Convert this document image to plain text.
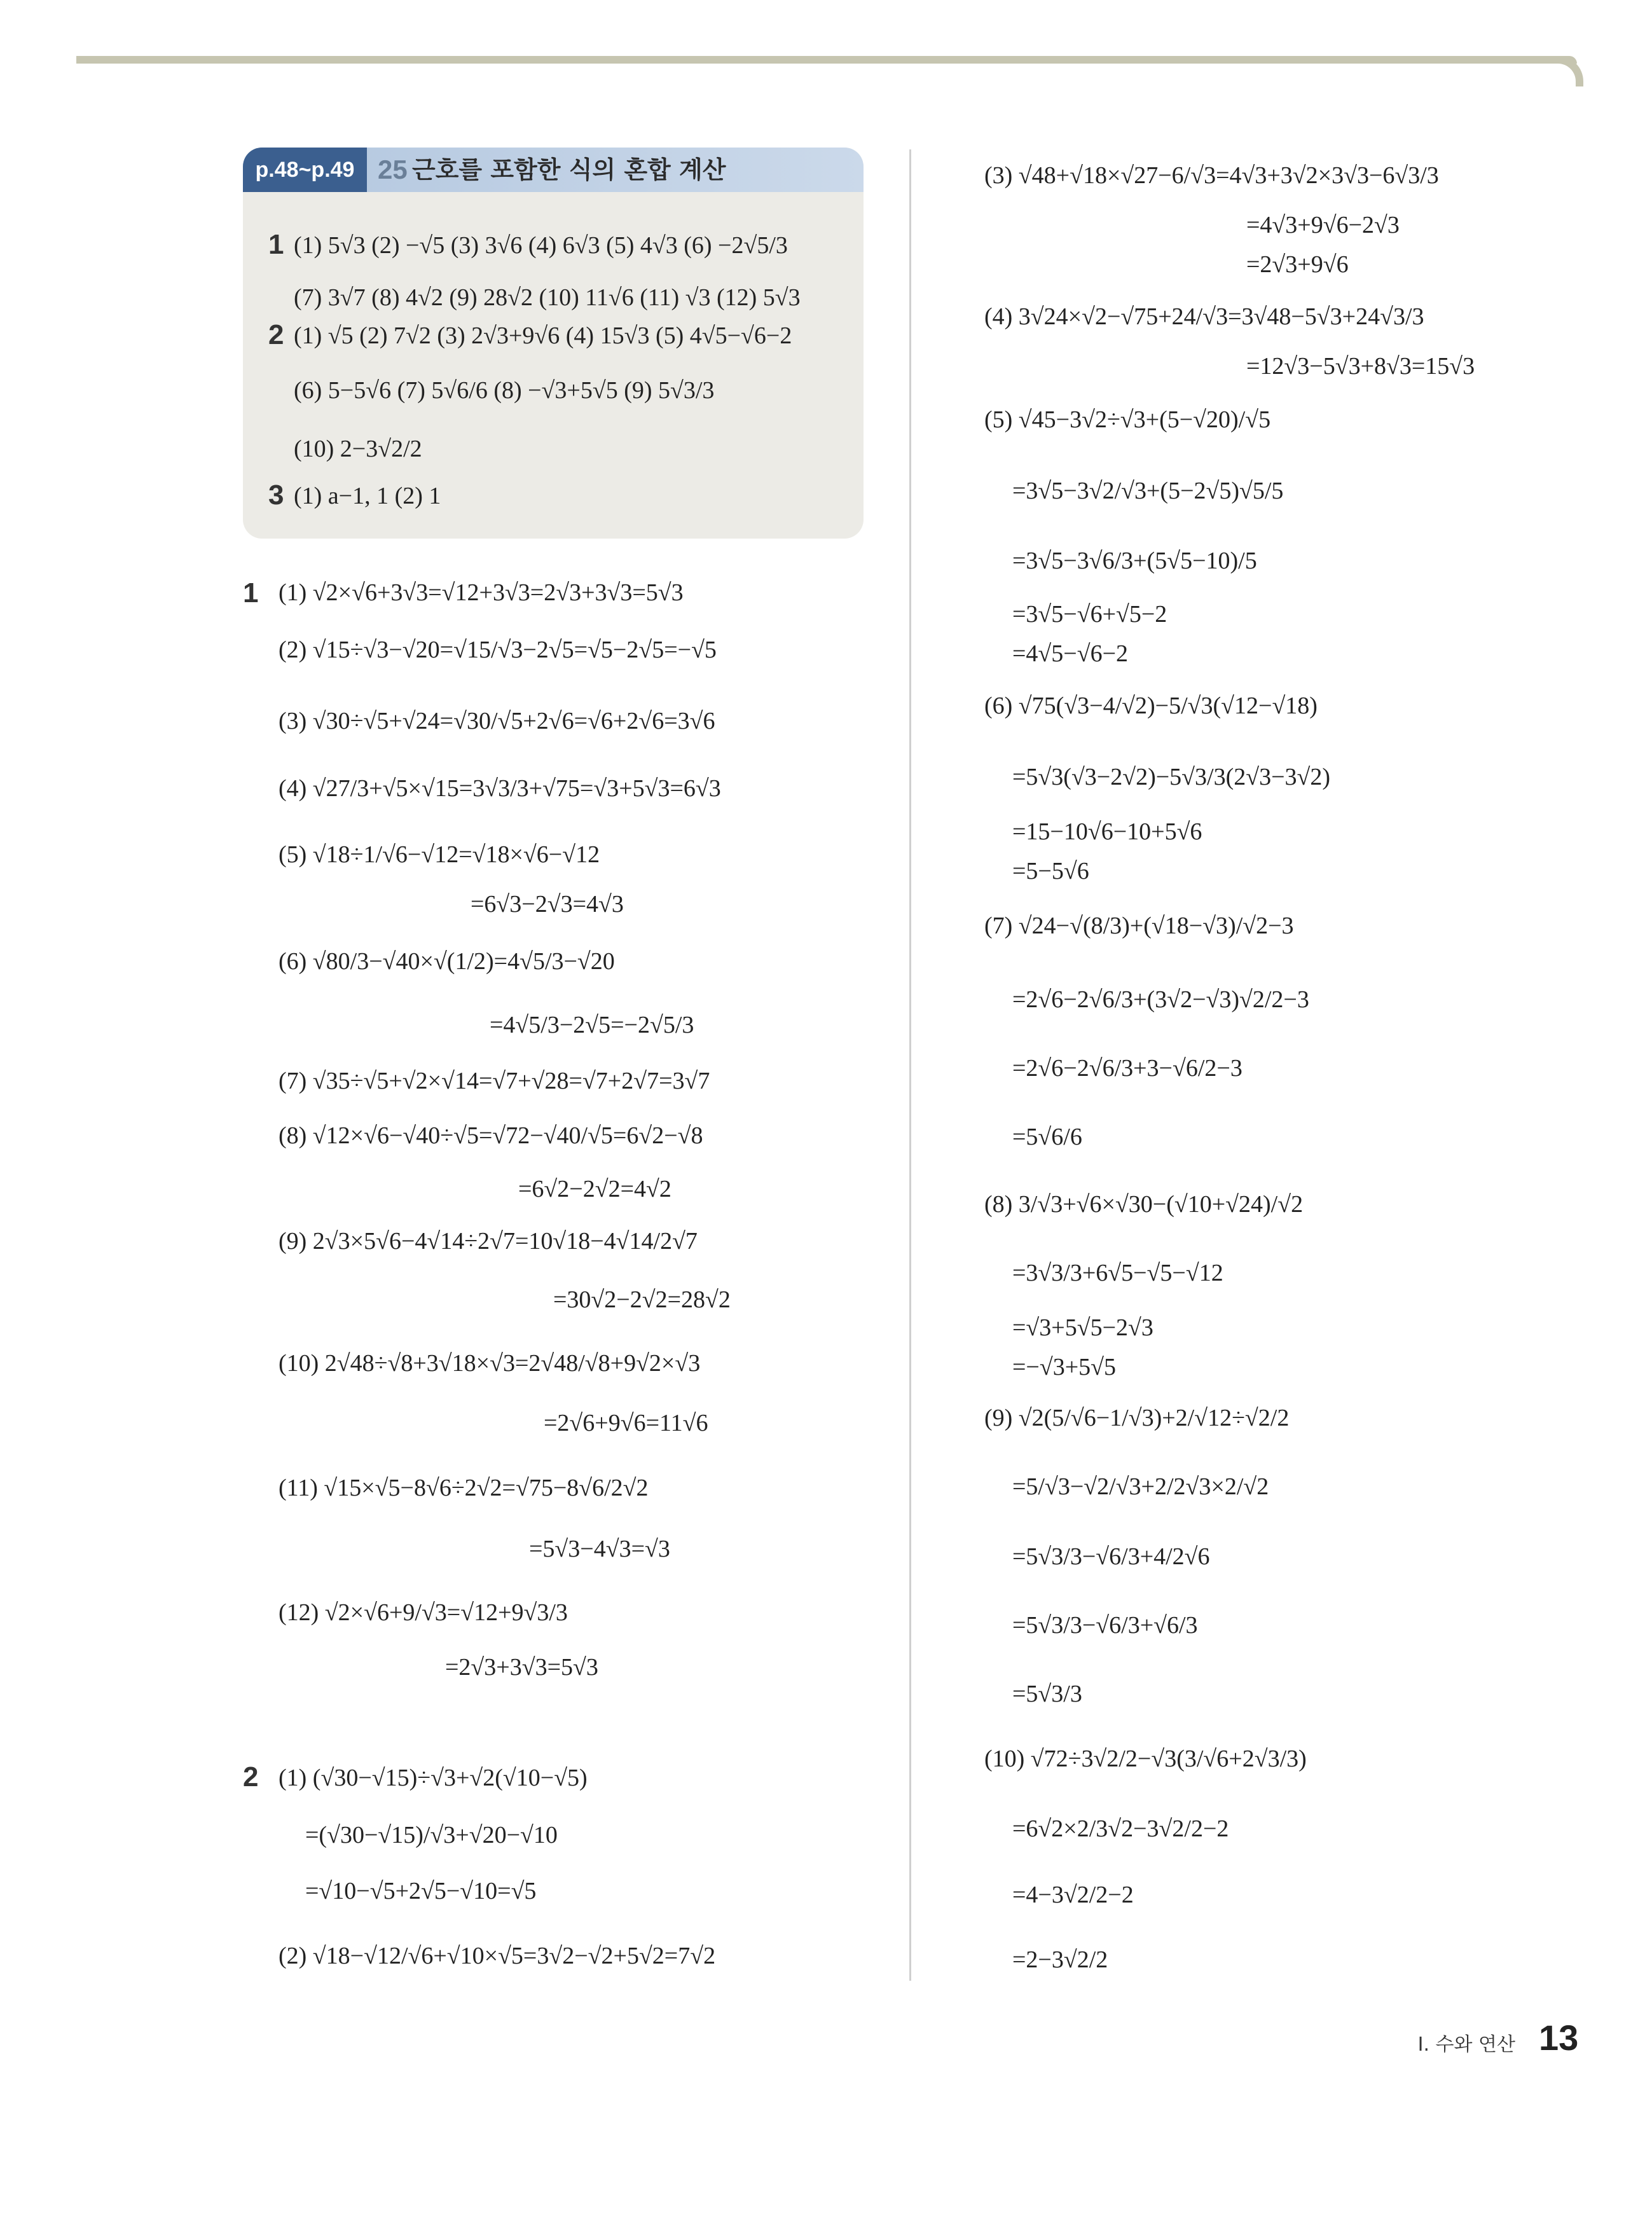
p.48~p.49 25 근호를 포함한 식의 혼합 계산
1 (1) 5√3 (2) −√5 (3) 3√6 (4) 6√3 (5) 4√3 (6) −2√5/3
(7) 3√7 (8) 4√2 (9) 28√2 (10) 11√6 (11) √3 (12) 5√3
2 (1) √5 (2) 7√2 (3) 2√3+9√6 (4) 15√3 (5) 4√5−√6−2
(6) 5−5√6 (7) 5√6/6 (8) −√3+5√5 (9) 5√3/3
(10) 2−3√2/2
3 (1) a−1, 1 (2) 1
1 (1) √2×√6+3√3=√12+3√3=2√3+3√3=5√3
(2) √15÷√3−√20=√15/√3−2√5=√5−2√5=−√5
(3) √30÷√5+√24=√30/√5+2√6=√6+2√6=3√6
(4) √27/3+√5×√15=3√3/3+√75=√3+5√3=6√3
(5) √18÷1/√6−√12=√18×√6−√12
=6√3−2√3=4√3
(6) √80/3−√40×√(1/2)=4√5/3−√20
=4√5/3−2√5=−2√5/3
(7) √35÷√5+√2×√14=√7+√28=√7+2√7=3√7
(8) √12×√6−√40÷√5=√72−√40/√5=6√2−√8
=6√2−2√2=4√2
(9) 2√3×5√6−4√14÷2√7=10√18−4√14/2√7
=30√2−2√2=28√2
(10) 2√48÷√8+3√18×√3=2√48/√8+9√2×√3
=2√6+9√6=11√6
(11) √15×√5−8√6÷2√2=√75−8√6/2√2
=5√3−4√3=√3
(12) √2×√6+9/√3=√12+9√3/3
=2√3+3√3=5√3
2 (1) (√30−√15)÷√3+√2(√10−√5)
=(√30−√15)/√3+√20−√10
=√10−√5+2√5−√10=√5
(2) √18−√12/√6+√10×√5=3√2−√2+5√2=7√2
(3) √48+√18×√27−6/√3=4√3+3√2×3√3−6√3/3
=4√3+9√6−2√3
=2√3+9√6
(4) 3√24×√2−√75+24/√3=3√48−5√3+24√3/3
=12√3−5√3+8√3=15√3
(5) √45−3√2÷√3+(5−√20)/√5
=3√5−3√2/√3+(5−2√5)√5/5
=3√5−3√6/3+(5√5−10)/5
=3√5−√6+√5−2
=4√5−√6−2
(6) √75(√3−4/√2)−5/√3(√12−√18)
=5√3(√3−2√2)−5√3/3(2√3−3√2)
=15−10√6−10+5√6
=5−5√6
(7) √24−√(8/3)+(√18−√3)/√2−3
=2√6−2√6/3+(3√2−√3)√2/2−3
=2√6−2√6/3+3−√6/2−3
=5√6/6
(8) 3/√3+√6×√30−(√10+√24)/√2
=3√3/3+6√5−√5−√12
=√3+5√5−2√3
=−√3+5√5
(9) √2(5/√6−1/√3)+2/√12÷√2/2
=5/√3−√2/√3+2/2√3×2/√2
=5√3/3−√6/3+4/2√6
=5√3/3−√6/3+√6/3
=5√3/3
(10) √72÷3√2/2−√3(3/√6+2√3/3)
=6√2×2/3√2−3√2/2−2
=4−3√2/2−2
=2−3√2/2
I. 수와 연산 13
